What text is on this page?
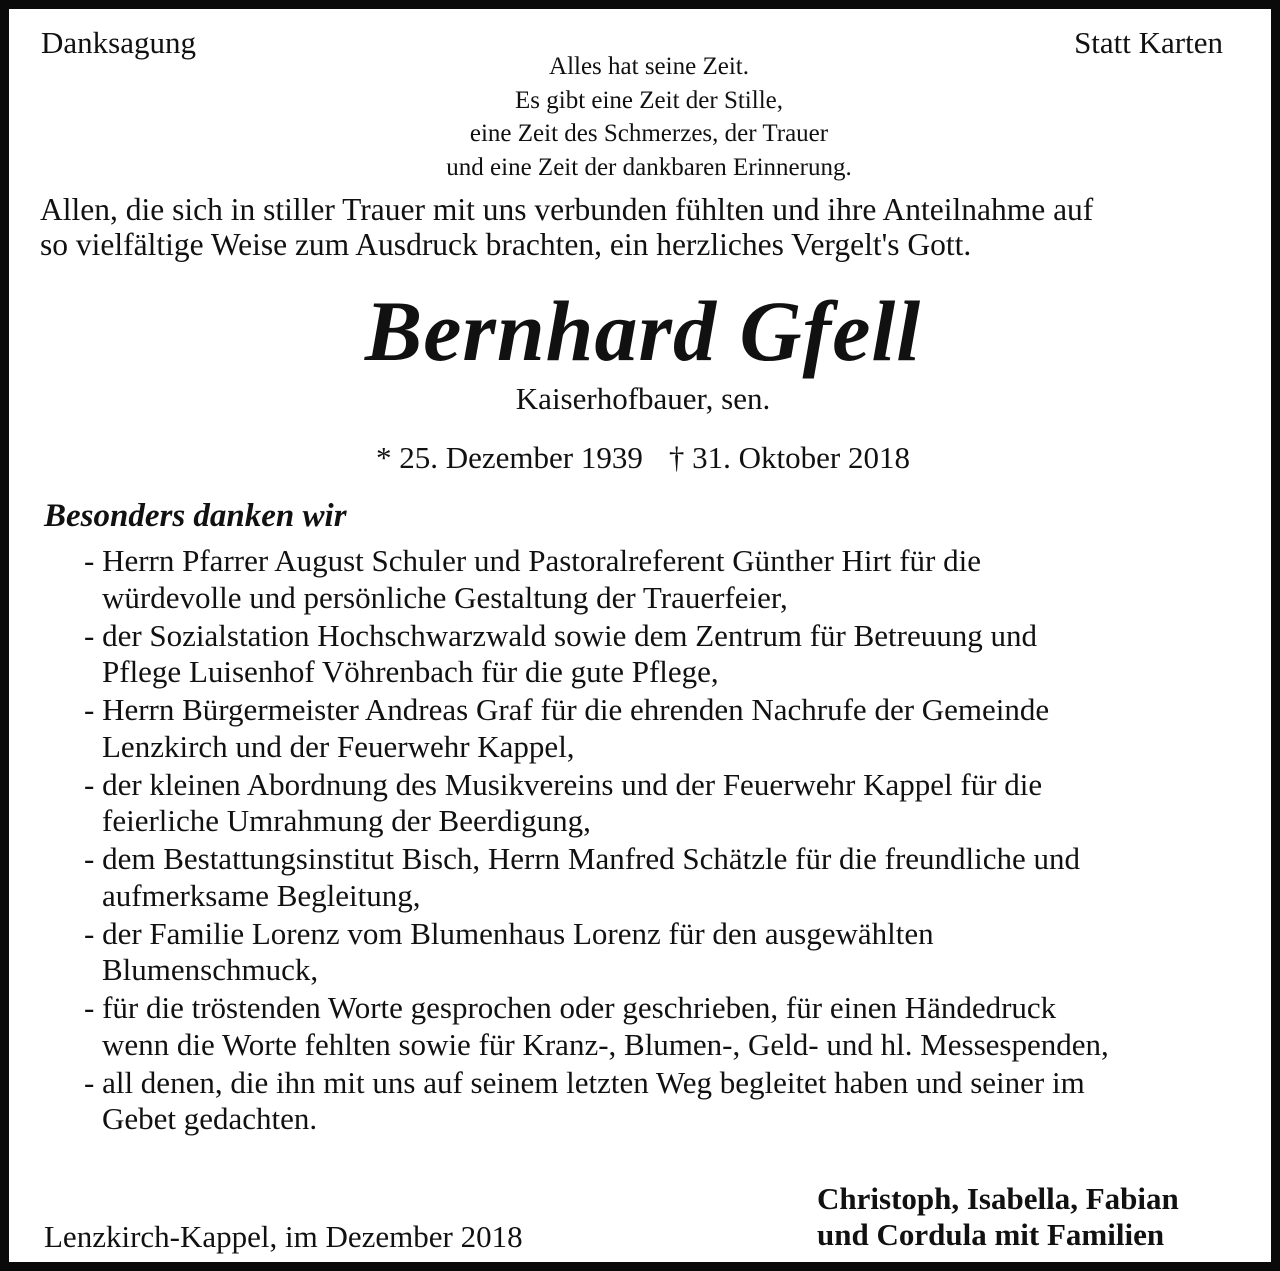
Danksagung	Statt Karten
Alles hat seine Zeit.
Es gibt eine Zeit der Stille,
eine Zeit des Schmerzes, der Trauer
und eine Zeit der dankbaren Erinnerung.
Allen, die sich in stiller Trauer mit uns verbunden fühlten und ihre Anteilnahme auf
so vielfältige Weise zum Ausdruck brachten, ein herzliches Vergelt's Gott.
Bernhard Gfell
Kaiserhofbauer, sen.
* 25. Dezember 1939 † 31. Oktober 2018
Besonders danken wir
- Herrn Pfarrer August Schuler und Pastoralreferent Günther Hirt für die
würdevolle und persönliche Gestaltung der Trauerfeier,
- der Sozialstation Hochschwarzwald sowie dem Zentrum für Betreuung und
Pflege Luisenhof Vöhrenbach für die gute Pflege,
- Herrn Bürgermeister Andreas Graf für die ehrenden Nachrufe der Gemeinde
Lenzkirch und der Feuerwehr Kappel,
- der kleinen Abordnung des Musikvereins und der Feuerwehr Kappel für die
feierliche Umrahmung der Beerdigung,
- dem Bestattungsinstitut Bisch, Herrn Manfred Schätzle für die freundliche und
aufmerksame Begleitung,
- der Familie Lorenz vom Blumenhaus Lorenz für den ausgewählten
Blumenschmuck,
- für die tröstenden Worte gesprochen oder geschrieben, für einen Händedruck
wenn die Worte fehlten sowie für Kranz-, Blumen-, Geld- und hl. Messespenden,
- all denen, die ihn mit uns auf seinem letzten Weg begleitet haben und seiner im
Gebet gedachten.
Lenzkirch-Kappel, im Dezember 2018
Christoph, Isabella, Fabian
und Cordula mit Familien
